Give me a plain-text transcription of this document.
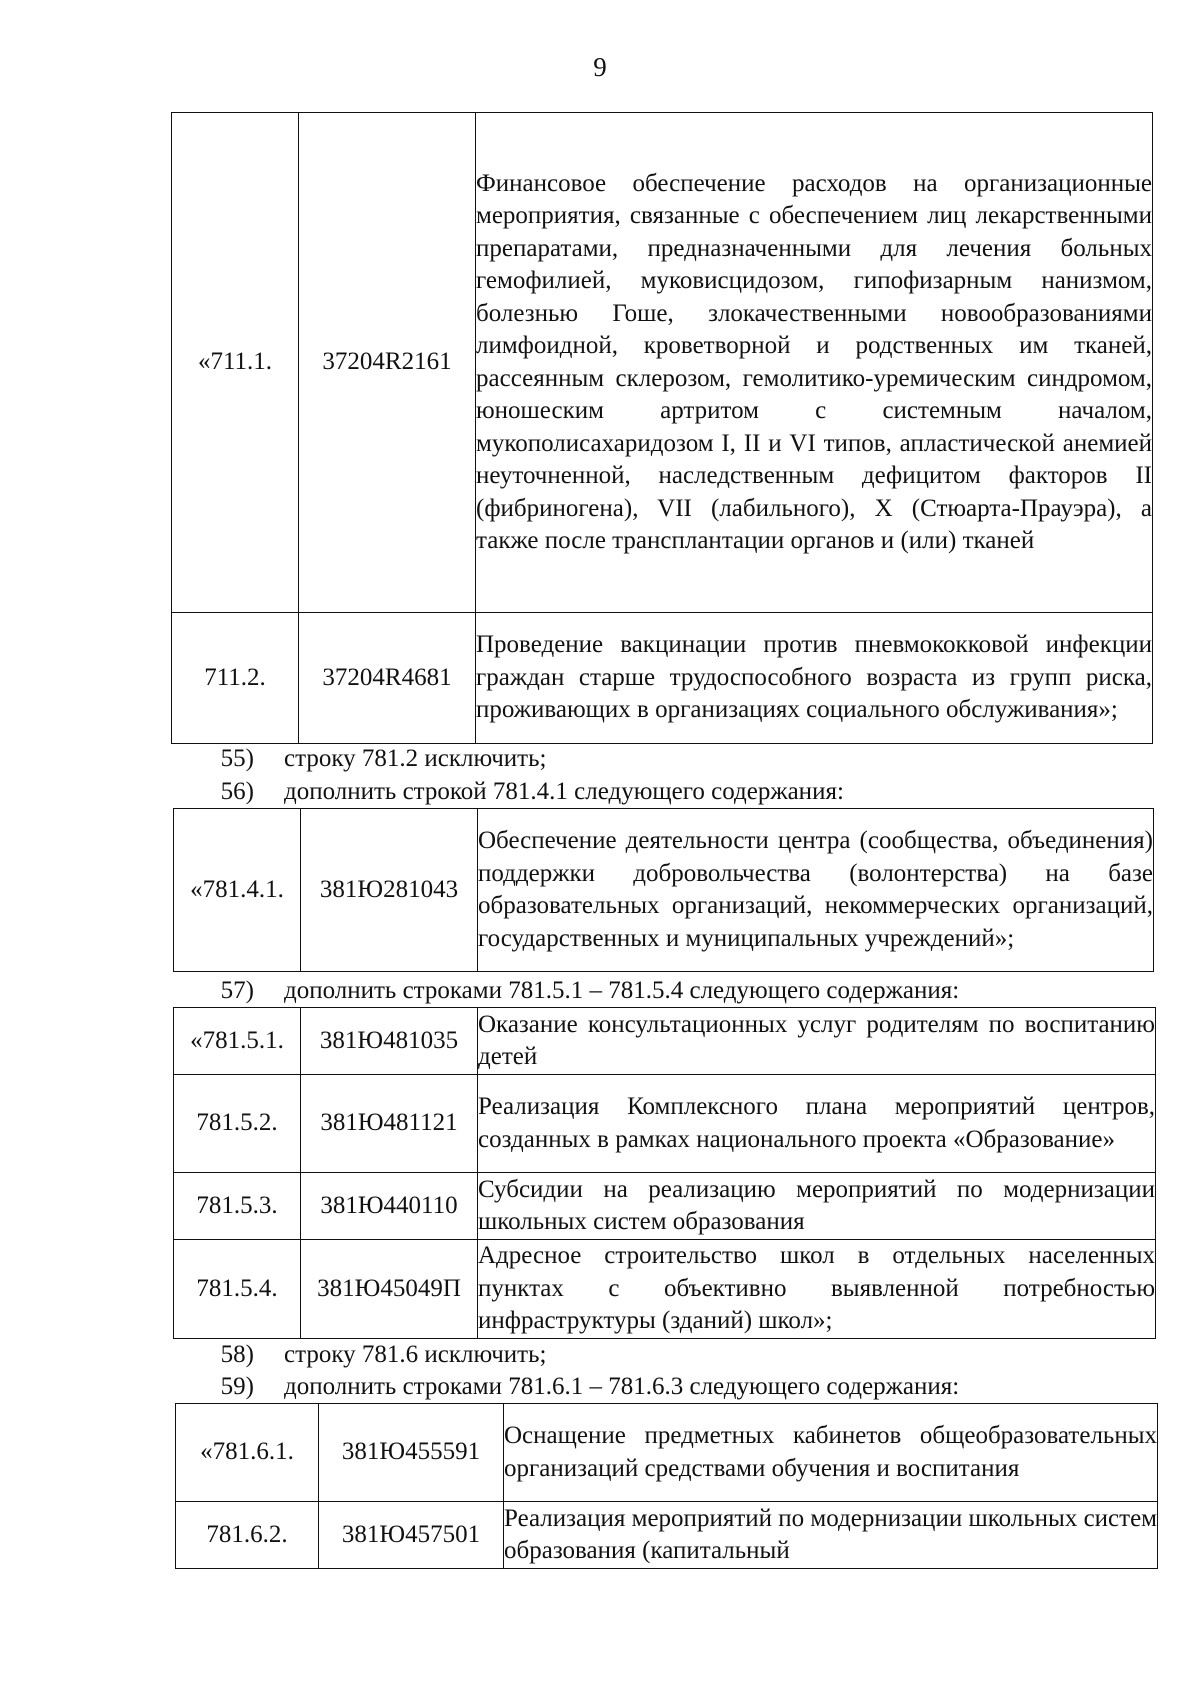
9
«711.1.	37204R2161	Финансовое обеспечение расходов на организационные мероприятия, связанные с обеспечением лиц лекарственными препаратами, предназначенными для лечения больных гемофилией, муковисцидозом, гипофизарным нанизмом, болезнью Гоше, злокачественными новообразованиями лимфоидной, кроветворной и родственных им тканей, рассеянным склерозом, гемолитико-уремическим синдромом, юношеским артритом с системным началом, мукополисахаридозом I, II и VI типов, апластической анемией неуточненной, наследственным дефицитом факторов II (фибриногена), VII (лабильного), X (Стюарта-Прауэра), а также после трансплантации органов и (или) тканей
711.2.	37204R4681	Проведение вакцинации против пневмококковой инфекции граждан старше трудоспособного возраста из групп риска, проживающих в организациях социального обслуживания»;
55) строку 781.2 исключить;
56) дополнить строкой 781.4.1 следующего содержания:
«781.4.1.	381Ю281043	Обеспечение деятельности центра (сообщества, объединения) поддержки добровольчества (волонтерства) на базе образовательных организаций, некоммерческих организаций, государственных и муниципальных учреждений»;
57) дополнить строками 781.5.1 – 781.5.4 следующего содержания:
«781.5.1.	381Ю481035	Оказание консультационных услуг родителям по воспитанию детей
781.5.2.	381Ю481121	Реализация Комплексного плана мероприятий центров, созданных в рамках национального проекта «Образование»
781.5.3.	381Ю440110	Субсидии на реализацию мероприятий по модернизации школьных систем образования
781.5.4.	381Ю45049П	Адресное строительство школ в отдельных населенных пунктах с объективно выявленной потребностью инфраструктуры (зданий) школ»;
58) строку 781.6 исключить;
59) дополнить строками 781.6.1 – 781.6.3 следующего содержания:
«781.6.1.	381Ю455591	Оснащение предметных кабинетов общеобразовательных организаций средствами обучения и воспитания
781.6.2.	381Ю457501	Реализация мероприятий по модернизации школьных систем образования (капитальный
